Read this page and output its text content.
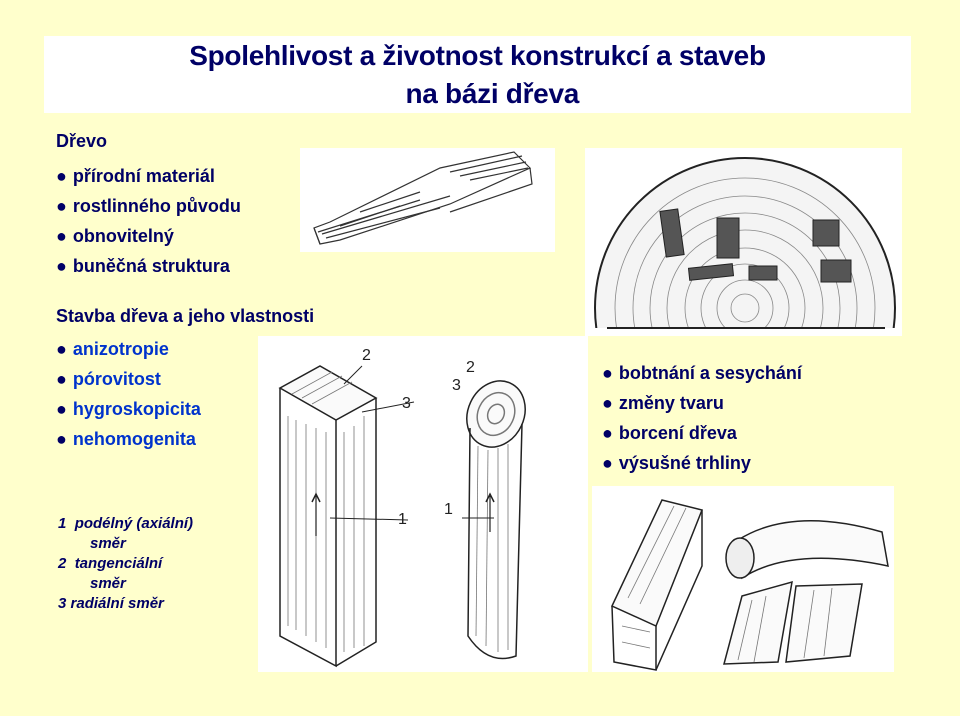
Spolehlivost a životnost konstrukcí a staveb
na bázi dřeva
Dřevo
● přírodní materiál
● rostlinného původu
● obnovitelný
● buněčná struktura
Stavba dřeva a jeho vlastnosti
● anizotropie
● pórovitost
● hygroskopicita
● nehomogenita
● bobtnání a sesychání
● změny tvaru
● borcení dřeva
● výsušné trhliny
1 podélný (axiální)
směr
2 tangenciální
směr
3 radiální směr
2
3
1
2
3
1
